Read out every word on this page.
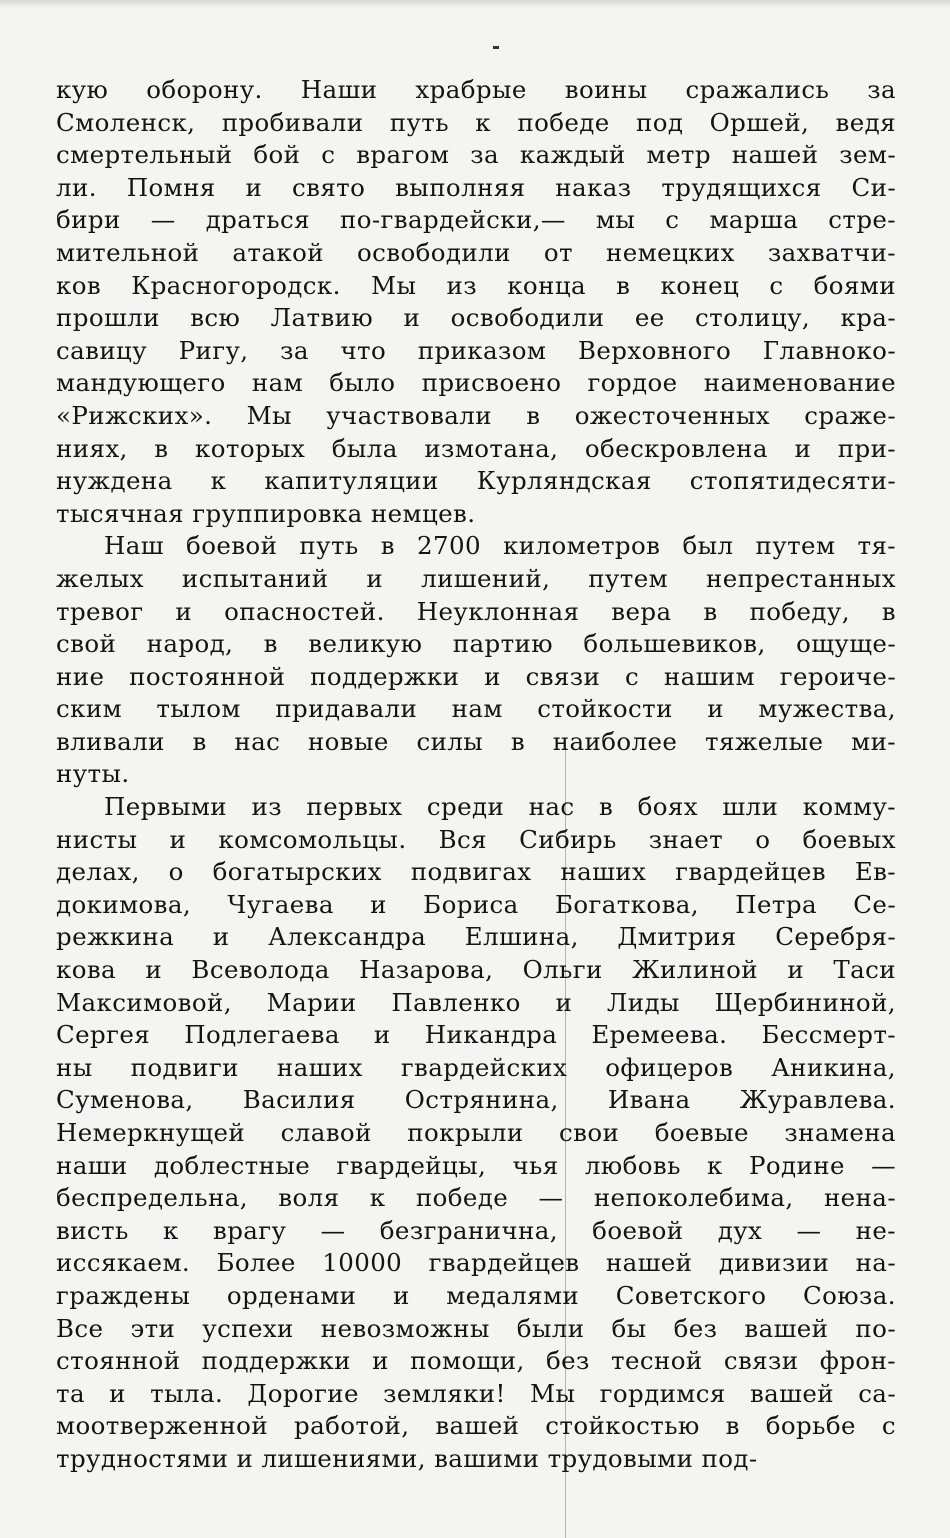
кую оборону. Наши храбрые воины сражались за
Смоленск, пробивали путь к победе под Оршей, ведя
смертельный бой с врагом за каждый метр нашей зем-
ли. Помня и свято выполняя наказ трудящихся Си-
бири — драться по-гвардейски,— мы с марша стре-
мительной атакой освободили от немецких захватчи-
ков Красногородск. Мы из конца в конец с боями
прошли всю Латвию и освободили ее столицу, кра-
савицу Ригу, за что приказом Верховного Главноко-
мандующего нам было присвоено гордое наименование
«Рижских». Мы участвовали в ожесточенных сраже-
ниях, в которых была измотана, обескровлена и при-
нуждена к капитуляции Курляндская стопятидесяти-
тысячная группировка немцев.
Наш боевой путь в 2700 километров был путем тя-
желых испытаний и лишений, путем непрестанных
тревог и опасностей. Неуклонная вера в победу, в
свой народ, в великую партию большевиков, ощуще-
ние постоянной поддержки и связи с нашим героиче-
ским тылом придавали нам стойкости и мужества,
вливали в нас новые силы в наиболее тяжелые ми-
нуты.
Первыми из первых среди нас в боях шли комму-
нисты и комсомольцы. Вся Сибирь знает о боевых
делах, о богатырских подвигах наших гвардейцев Ев-
докимова, Чугаева и Бориса Богаткова, Петра Се-
режкина и Александра Елшина, Дмитрия Серебря-
кова и Всеволода Назарова, Ольги Жилиной и Таси
Максимовой, Марии Павленко и Лиды Щербининой,
Сергея Подлегаева и Никандра Еремеева. Бессмерт-
ны подвиги наших гвардейских офицеров Аникина,
Суменова, Василия Острянина, Ивана Журавлева.
Немеркнущей славой покрыли свои боевые знамена
наши доблестные гвардейцы, чья любовь к Родине —
беспредельна, воля к победе — непоколебима, нена-
висть к врагу — безгранична, боевой дух — не-
иссякаем. Более 10000 гвардейцев нашей дивизии на-
граждены орденами и медалями Советского Союза.
Все эти успехи невозможны были бы без вашей по-
стоянной поддержки и помощи, без тесной связи фрон-
та и тыла. Дорогие земляки! Мы гордимся вашей са-
моотверженной работой, вашей стойкостью в борьбе с
трудностями и лишениями, вашими трудовыми под-
